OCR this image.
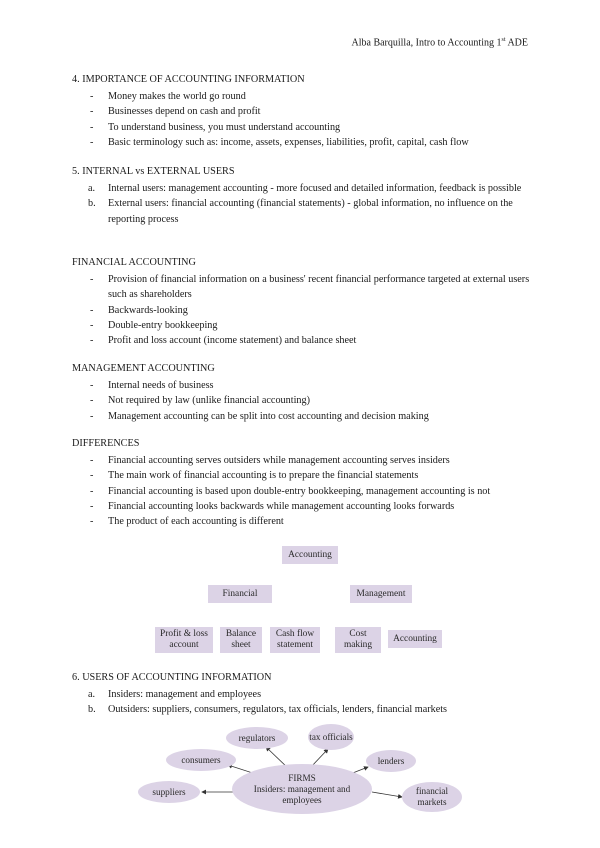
Alba Barquilla, Intro to Accounting 1st ADE

4. IMPORTANCE OF ACCOUNTING INFORMATION

- Money makes the world go round
- Businesses depend on cash and profit
- To understand business, you must understand accounting
- Basic terminology such as: income, assets, expenses, liabilities, profit, capital, cash flow

5. INTERNAL vs EXTERNAL USERS

a. Internal users: management accounting - more focused and detailed information, feedback is possible
b. External users: financial accounting (financial statements) - global information, no influence on the reporting process

FINANCIAL ACCOUNTING

- Provision of financial information on a business' recent financial performance targeted at external users such as shareholders
- Backwards-looking
- Double-entry bookkeeping
- Profit and loss account (income statement) and balance sheet

MANAGEMENT ACCOUNTING

- Internal needs of business
- Not required by law (unlike financial accounting)
- Management accounting can be split into cost accounting and decision making

DIFFERENCES

- Financial accounting serves outsiders while management accounting serves insiders
- The main work of financial accounting is to prepare the financial statements
- Financial accounting is based upon double-entry bookkeeping, management accounting is not
- Financial accounting looks backwards while management accounting looks forwards
- The product of each accounting is different
Accounting
Financial	Management
Profit & loss account
Balance sheet
Cash flow statement
Cost making
Accounting

6. USERS OF ACCOUNTING INFORMATION

a. Insiders: management and employees
b. Outsiders: suppliers, consumers, regulators, tax officials, lenders, financial markets
regulators	tax officials
consumers	lenders
suppliers	financial markets
FIRMS
Insiders: management and employees
